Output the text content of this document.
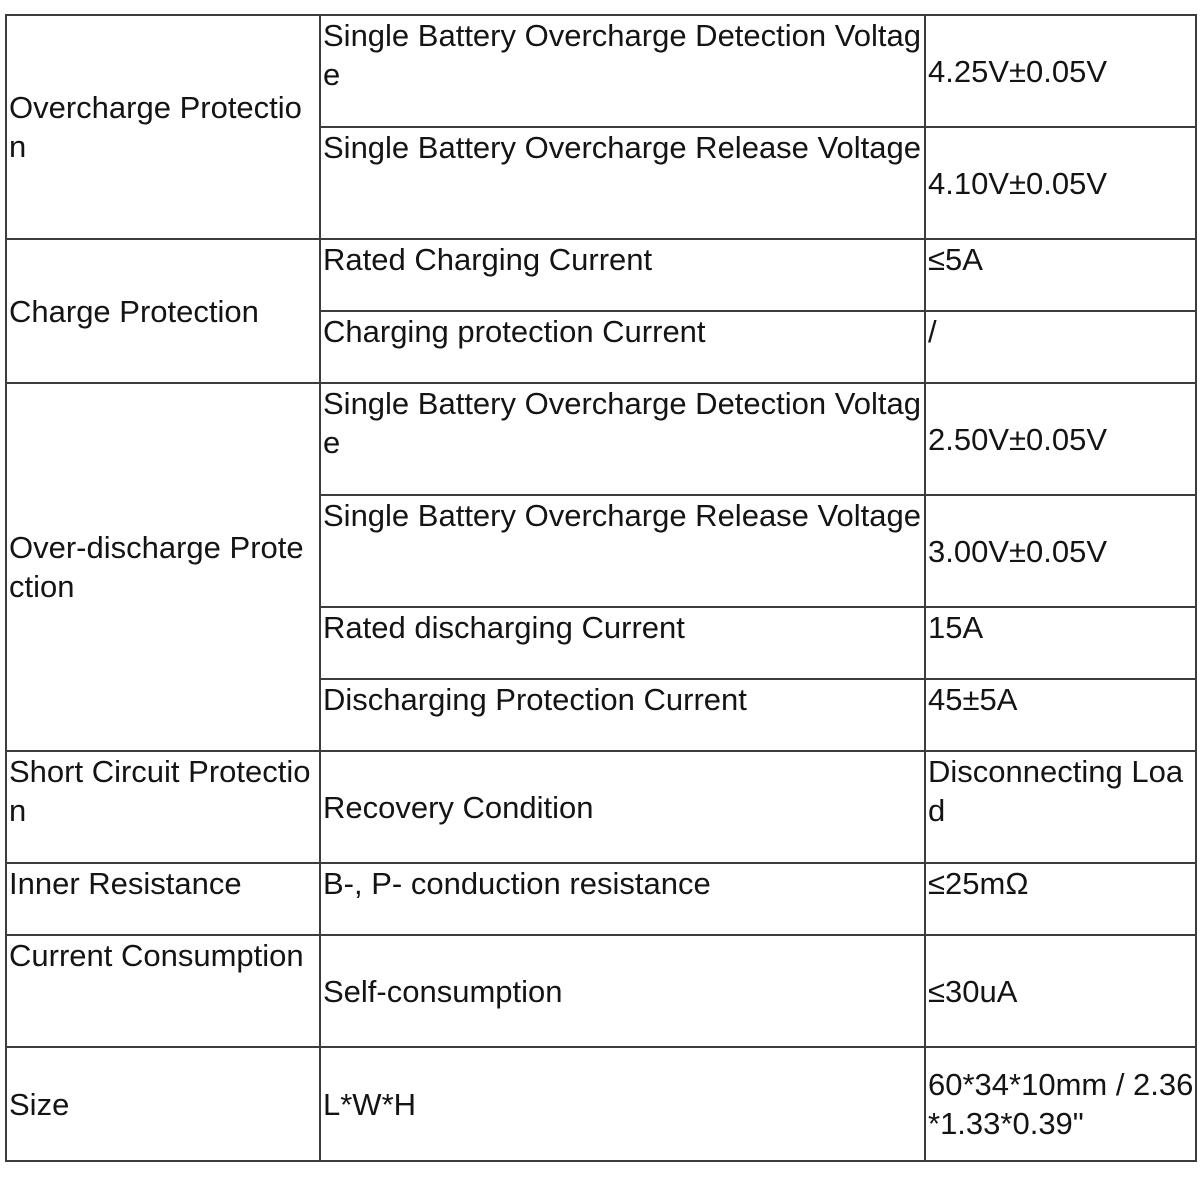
Overcharge Protection	Single Battery Overcharge Detection Voltage	4.25V±0.05V
	Single Battery Overcharge Release Voltage	4.10V±0.05V
Charge Protection	Rated Charging Current	≤5A
	Charging protection Current	/
Over-discharge Protection	Single Battery Overcharge Detection Voltage	2.50V±0.05V
	Single Battery Overcharge Release Voltage	3.00V±0.05V
	Rated discharging Current	15A
	Discharging Protection Current	45±5A
Short Circuit Protection	Recovery Condition	Disconnecting Load
Inner Resistance	B-, P- conduction resistance	≤25mΩ
Current Consumption	Self-consumption	≤30uA
Size	L*W*H	60*34*10mm / 2.36*1.33*0.39"
